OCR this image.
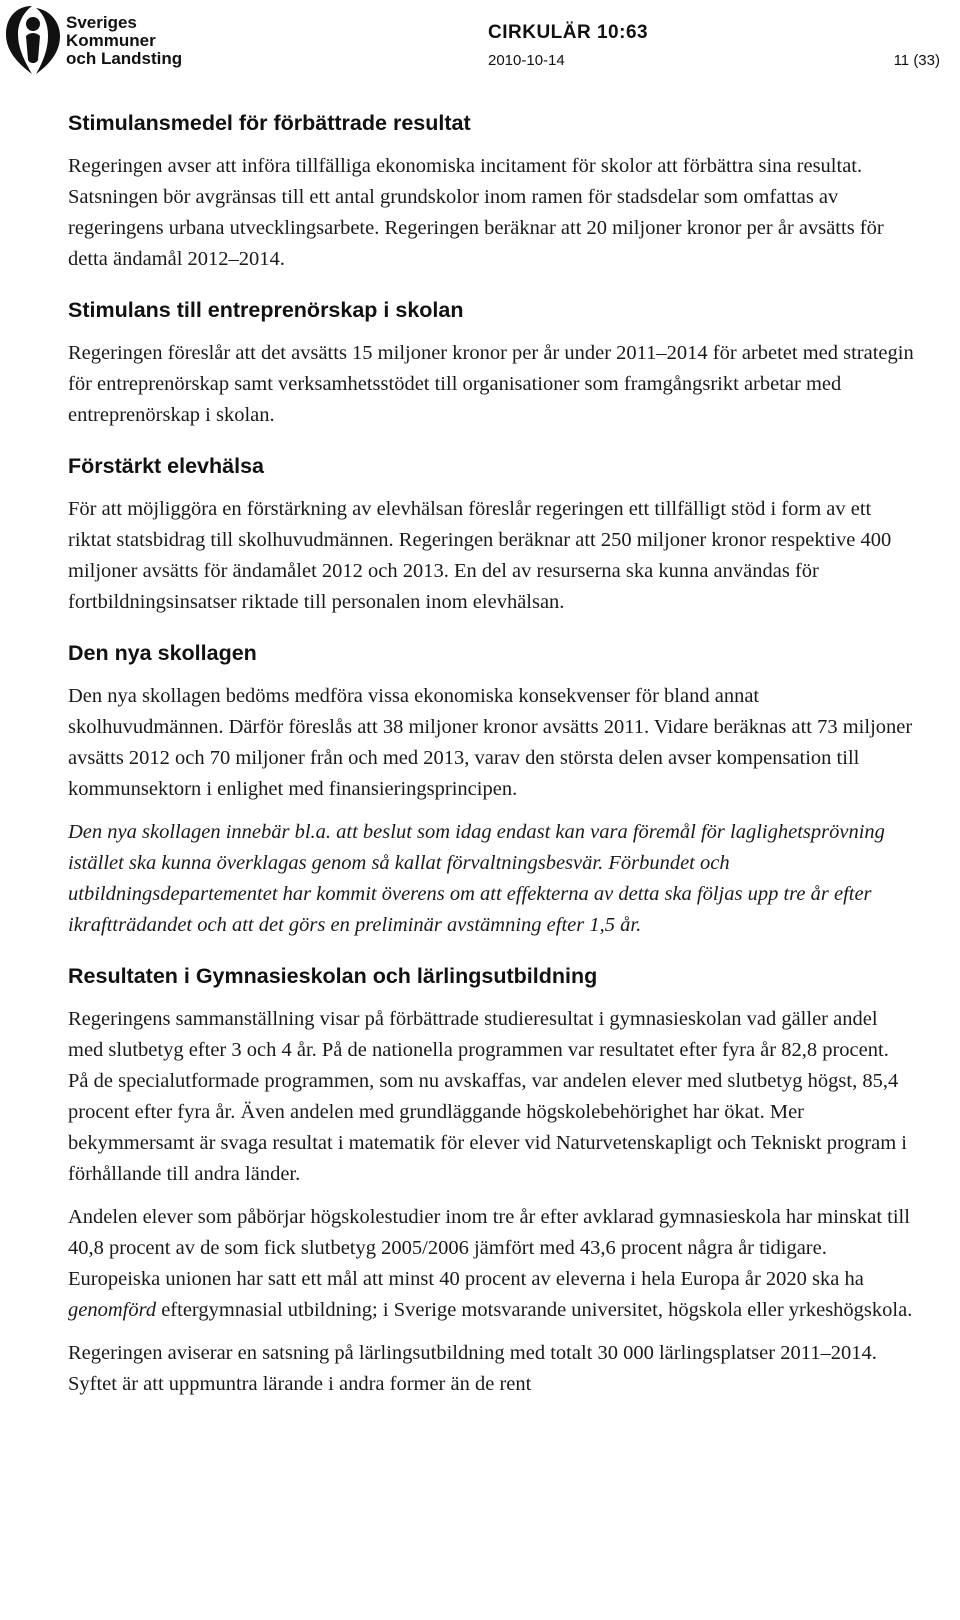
Sveriges
Kommuner
och Landsting
CIRKULÄR 10:63
2010-10-14	11 (33)
Stimulansmedel för förbättrade resultat

Regeringen avser att införa tillfälliga ekonomiska incitament för skolor att förbättra sina resultat. Satsningen bör avgränsas till ett antal grundskolor inom ramen för stadsdelar som omfattas av regeringens urbana utvecklingsarbete. Regeringen beräknar att 20 miljoner kronor per år avsätts för detta ändamål 2012–2014.

Stimulans till entreprenörskap i skolan

Regeringen föreslår att det avsätts 15 miljoner kronor per år under 2011–2014 för arbetet med strategin för entreprenörskap samt verksamhetsstödet till organisationer som framgångsrikt arbetar med entreprenörskap i skolan.

Förstärkt elevhälsa

För att möjliggöra en förstärkning av elevhälsan föreslår regeringen ett tillfälligt stöd i form av ett riktat statsbidrag till skolhuvudmännen. Regeringen beräknar att 250 miljoner kronor respektive 400 miljoner avsätts för ändamålet 2012 och 2013. En del av resurserna ska kunna användas för fortbildningsinsatser riktade till personalen inom elevhälsan.

Den nya skollagen

Den nya skollagen bedöms medföra vissa ekonomiska konsekvenser för bland annat skolhuvudmännen. Därför föreslås att 38 miljoner kronor avsätts 2011. Vidare beräknas att 73 miljoner avsätts 2012 och 70 miljoner från och med 2013, varav den största delen avser kompensation till kommunsektorn i enlighet med finansieringsprincipen.

Den nya skollagen innebär bl.a. att beslut som idag endast kan vara föremål för laglighetsprövning istället ska kunna överklagas genom så kallat förvaltningsbesvär. Förbundet och utbildningsdepartementet har kommit överens om att effekterna av detta ska följas upp tre år efter ikraftträdandet och att det görs en preliminär avstämning efter 1,5 år.

Resultaten i Gymnasieskolan och lärlingsutbildning

Regeringens sammanställning visar på förbättrade studieresultat i gymnasieskolan vad gäller andel med slutbetyg efter 3 och 4 år. På de nationella programmen var resultatet efter fyra år 82,8 procent. På de specialutformade programmen, som nu avskaffas, var andelen elever med slutbetyg högst, 85,4 procent efter fyra år. Även andelen med grundläggande högskolebehörighet har ökat. Mer bekymmersamt är svaga resultat i matematik för elever vid Naturvetenskapligt och Tekniskt program i förhållande till andra länder.

Andelen elever som påbörjar högskolestudier inom tre år efter avklarad gymnasieskola har minskat till 40,8 procent av de som fick slutbetyg 2005/2006 jämfört med 43,6 procent några år tidigare. Europeiska unionen har satt ett mål att minst 40 procent av eleverna i hela Europa år 2020 ska ha genomförd eftergymnasial utbildning; i Sverige motsvarande universitet, högskola eller yrkeshögskola.

Regeringen aviserar en satsning på lärlingsutbildning med totalt 30 000 lärlingsplatser 2011–2014. Syftet är att uppmuntra lärande i andra former än de rent
